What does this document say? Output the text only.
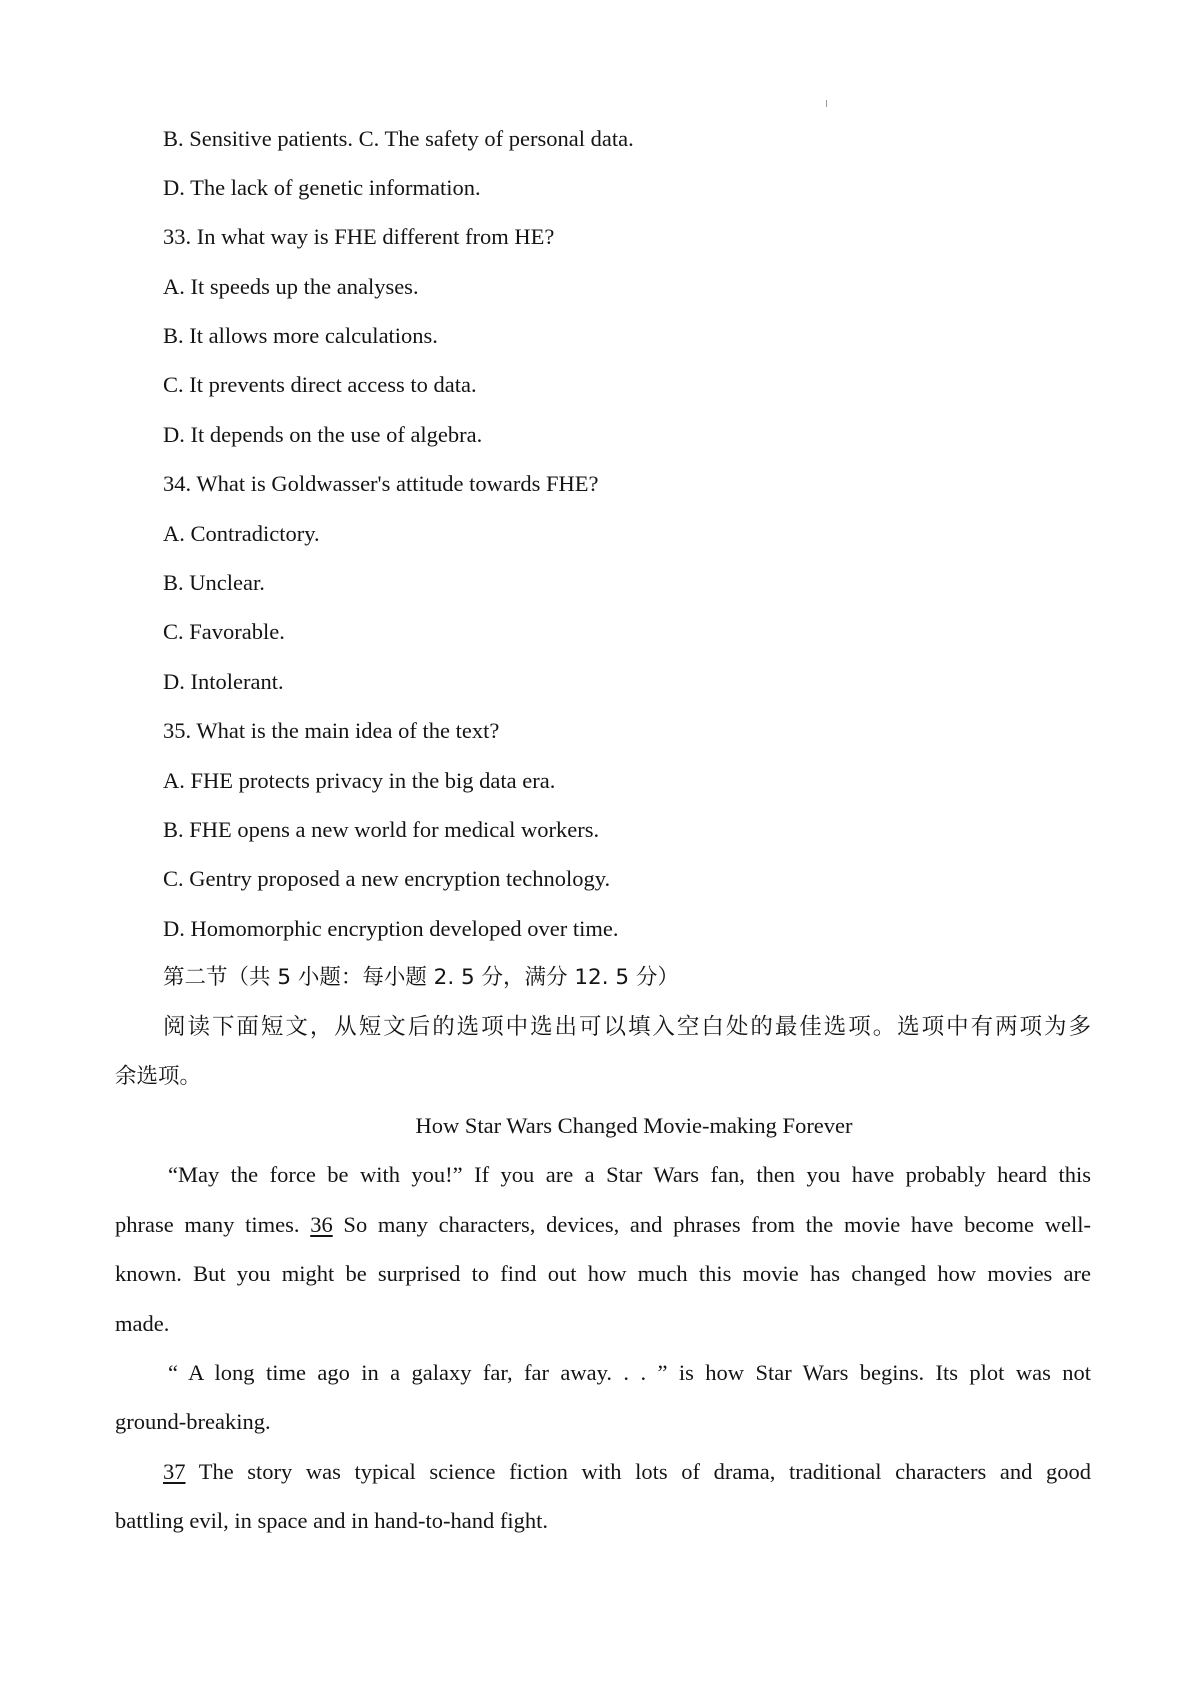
B. Sensitive patients. C. The safety of personal data.
D. The lack of genetic information.
33. In what way is FHE different from HE?
A. It speeds up the analyses.
B. It allows more calculations.
C. It prevents direct access to data.
D. It depends on the use of algebra.
34. What is Goldwasser's attitude towards FHE?
A. Contradictory.
B. Unclear.
C. Favorable.
D. Intolerant.
35. What is the main idea of the text?
A. FHE protects privacy in the big data era.
B. FHE opens a new world for medical workers.
C. Gentry proposed a new encryption technology.
D. Homomorphic encryption developed over time.
第二节（共 5 小题：每小题 2. 5 分，满分 12. 5 分）
阅读下面短文，从短文后的选项中选出可以填入空白处的最佳选项。选项中有两项为多
余选项。
How Star Wars Changed Movie-making Forever
“May the force be with you!” If you are a Star Wars fan, then you have probably heard this
phrase many times. 36 So many characters, devices, and phrases from the movie have become well-
known. But you might be surprised to find out how much this movie has changed how movies are
made.
“ A long time ago in a galaxy far, far away. . . ” is how Star Wars begins. Its plot was not
ground-breaking.
37 The story was typical science fiction with lots of drama, traditional characters and good
battling evil, in space and in hand-to-hand fight.
